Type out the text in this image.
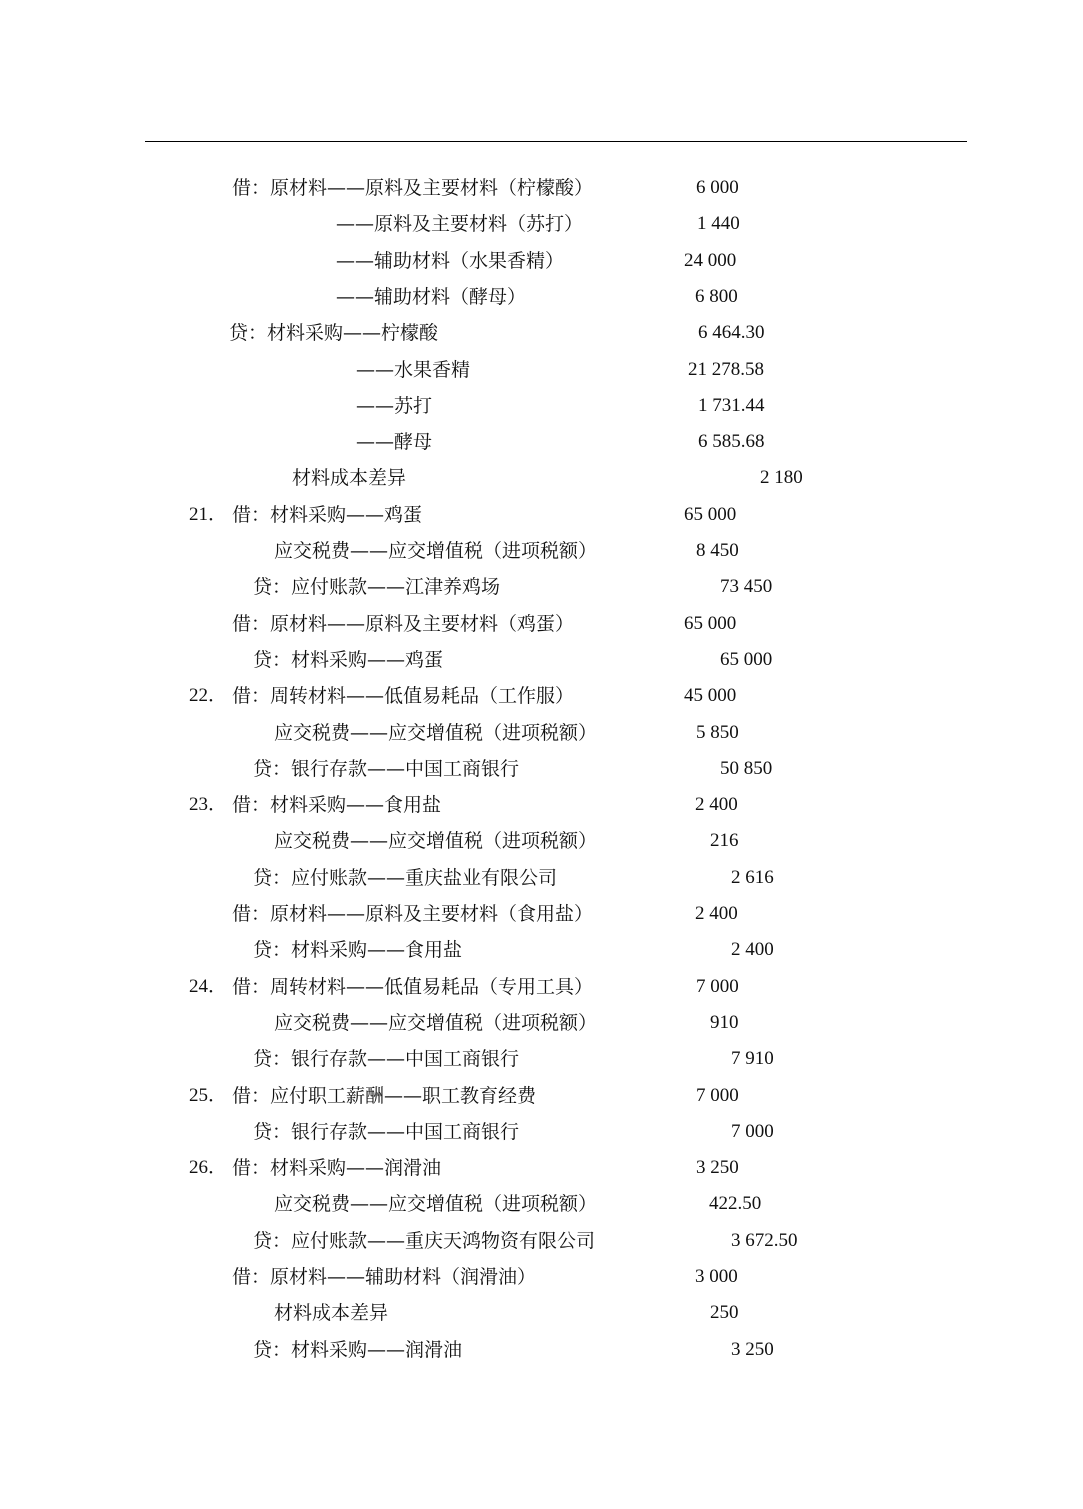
借：原材料——原料及主要材料（柠檬酸）	6 000
——原料及主要材料（苏打）	1 440
——辅助材料（水果香精）	24 000
——辅助材料（酵母）	6 800
贷：材料采购——柠檬酸	6 464.30
——水果香精	21 278.58
——苏打	1 731.44
——酵母	6 585.68
材料成本差异	2 180
21． 借：材料采购——鸡蛋	65 000
应交税费——应交增值税（进项税额）	8 450
贷：应付账款——江津养鸡场	73 450
借：原材料——原料及主要材料（鸡蛋）	65 000
贷：材料采购——鸡蛋	65 000
22． 借：周转材料——低值易耗品（工作服）	45 000
应交税费——应交增值税（进项税额）	5 850
贷：银行存款——中国工商银行	50 850
23． 借：材料采购——食用盐	2 400
应交税费——应交增值税（进项税额）	216
贷：应付账款——重庆盐业有限公司	2 616
借：原材料——原料及主要材料（食用盐）	2 400
贷：材料采购——食用盐	2 400
24． 借：周转材料——低值易耗品（专用工具）	7 000
应交税费——应交增值税（进项税额）	910
贷：银行存款——中国工商银行	7 910
25． 借：应付职工薪酬——职工教育经费	7 000
贷：银行存款——中国工商银行	7 000
26． 借：材料采购——润滑油	3 250
应交税费——应交增值税（进项税额）	422.50
贷：应付账款——重庆天鸿物资有限公司	3 672.50
借：原材料——辅助材料（润滑油）	3 000
材料成本差异	250
贷：材料采购——润滑油	3 250
